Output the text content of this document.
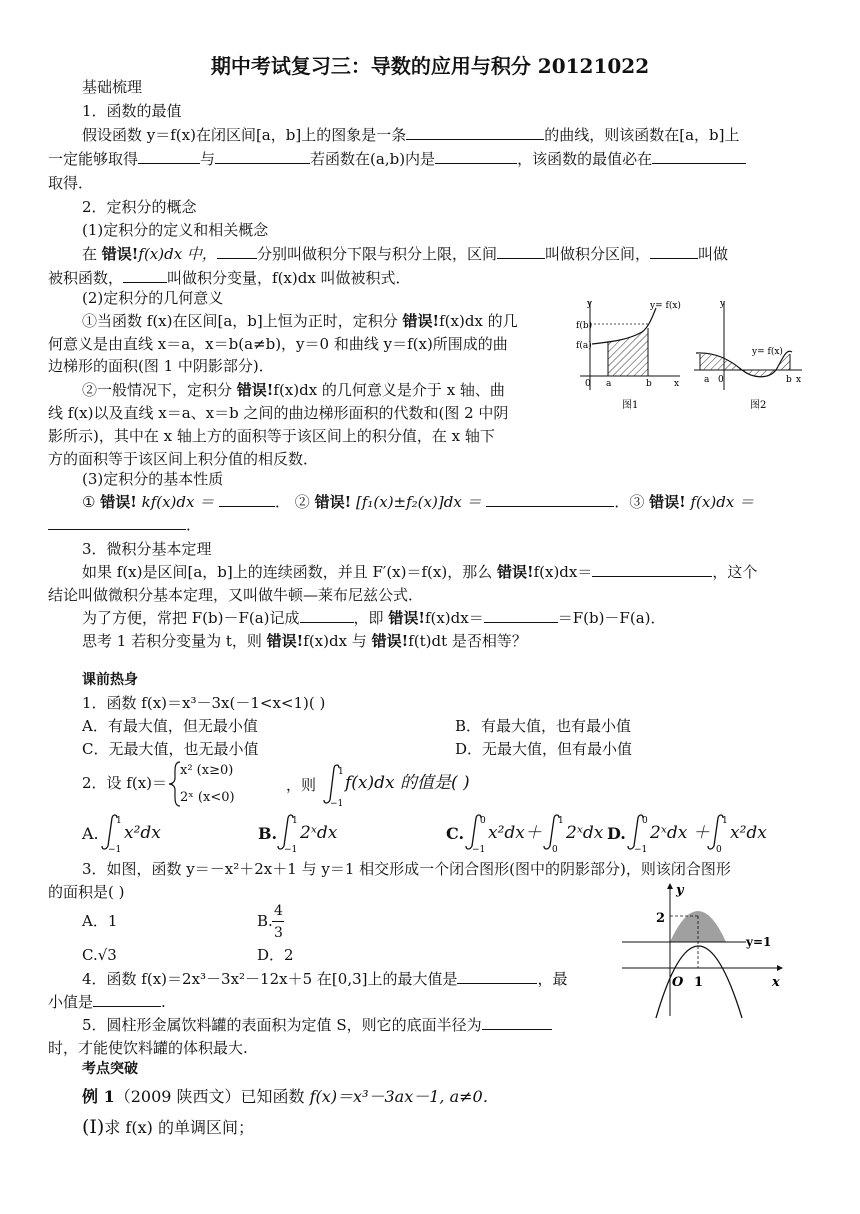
期中考试复习三：导数的应用与积分 20121022
基础梳理
1．函数的最值
假设函数 y＝f(x)在闭区间[a，b]上的图象是一条	的曲线，则该函数在[a，b]上
一定能够取得	与	若函数在(a,b)内是	，该函数的最值必在
取得．
2．定积分的概念
(1)定积分的定义和相关概念
在 错误!f(x)dx 中，	分别叫做积分下限与积分上限，区间	叫做积分区间，	叫做
被积函数，	叫做积分变量，f(x)dx 叫做被积式．
(2)定积分的几何意义
①当函数 f(x)在区间[a，b]上恒为正时，定积分 错误!f(x)dx 的几
何意义是由直线 x＝a，x＝b(a≠b)，y＝0 和曲线 y＝f(x)所围成的曲
边梯形的面积(图 1 中阴影部分)．
②一般情况下，定积分 错误!f(x)dx 的几何意义是介于 x 轴、曲
线 f(x)以及直线 x＝a、x＝b 之间的曲边梯形面积的代数和(图 2 中阴
影所示)，其中在 x 轴上方的面积等于该区间上的积分值，在 x 轴下
方的面积等于该区间上积分值的相反数．
y	y= f(x)
f(b)
f(a)
0 a	b x
图1
y
y= f(x)
a 0	b x
图2
(3)定积分的基本性质
① 错误! kf(x)dx ＝	． ② 错误! [f₁(x)±f₂(x)]dx ＝	．③ 错误! f(x)dx ＝
．
3．微积分基本定理
如果 f(x)是区间[a，b]上的连续函数，并且 F′(x)＝f(x)，那么 错误!f(x)dx＝	，这个
结论叫做微积分基本定理，又叫做牛顿—莱布尼兹公式．
为了方便，常把 F(b)－F(a)记成	，即 错误!f(x)dx＝	＝F(b)－F(a)．
思考 1 若积分变量为 t，则 错误!f(x)dx 与 错误!f(t)dt 是否相等？
课前热身
1．函数 f(x)＝x³－3x(－1<x<1)( )
A．有最大值，但无最小值	B．有最大值，也有最小值
C．无最大值，也无最小值	D．无最大值，但有最小值
2．设 f(x)＝
x² (x≥0)
2ˣ (x<0)
，则
1
−1
f(x)dx 的值是( )
A.
1
−1
x²dx	B.
1
−1
2ˣdx	C.
0
−1
x²dx＋
1
0
2ˣdx D.
0
−1
2ˣdx ＋
1
0
x²dx
3．如图，函数 y＝－x²＋2x＋1 与 y＝1 相交形成一个闭合图形(图中的阴影部分)，则该闭合图形
的面积是( )
A．1	B.
4
3
C.√3	D．2
y
x
2
O 1
y=1
4．函数 f(x)＝2x³－3x²－12x＋5 在[0,3]上的最大值是	，最
小值是	.
5．圆柱形金属饮料罐的表面积为定值 S，则它的底面半径为
时，才能使饮料罐的体积最大.
考点突破
例 1（2009 陕西文）已知函数 f(x)＝x³－3ax－1, a≠0．
(Ⅰ)求 f(x) 的单调区间；
